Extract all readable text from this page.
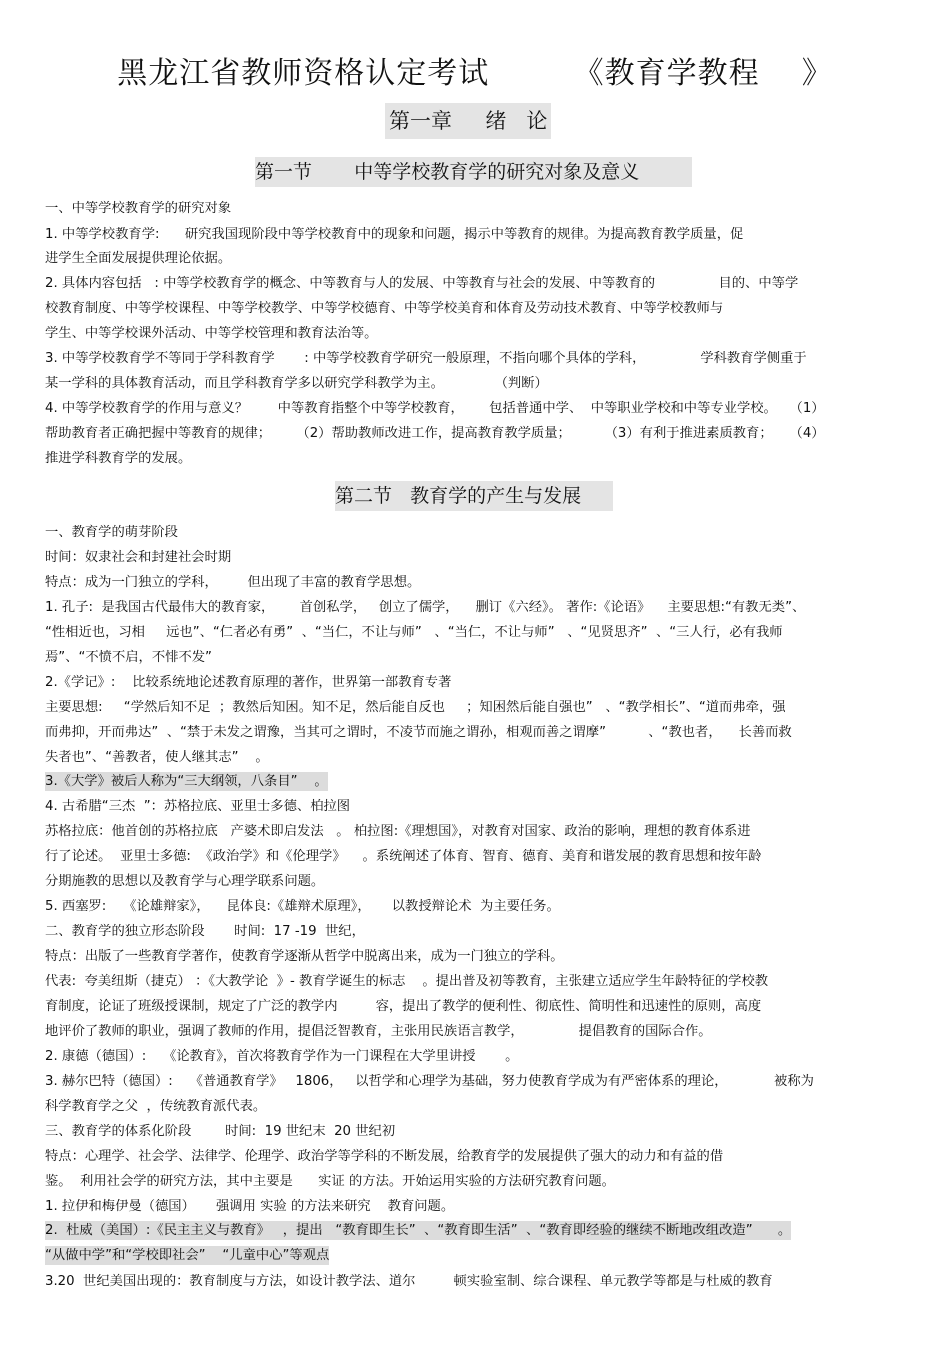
黑龙江省教师资格认定考试        《教育学教程    》
第一章     绪   论
第一节       中等学校教育学的研究对象及意义
一、中等学校教育学的研究对象
1. 中等学校教育学:      研究我国现阶段中等学校教育中的现象和问题，揭示中等教育的规律。为提高教育教学质量，促
进学生全面发展提供理论依据。
2. 具体内容包括   : 中等学校教育学的概念、中等教育与人的发展、中等教育与社会的发展、中等教育的               目的、中等学
校教育制度、中等学校课程、中等学校教学、中等学校德育、中等学校美育和体育及劳动技术教育、中等学校教师与
学生、中等学校课外活动、中等学校管理和教育法治等。
3. 中等学校教育学不等同于学科教育学       : 中等学校教育学研究一般原理，不指向哪个具体的学科，             学科教育学侧重于
某一学科的具体教育活动，而且学科教育学多以研究学科教学为主。            （判断）
4. 中等学校教育学的作用与意义？       中等教育指整个中等学校教育，      包括普通中学、  中等职业学校和中等专业学校。   （1）
帮助教育者正确把握中等教育的规律；      （2）帮助教师改进工作，提高教育教学质量；        （3）有利于推进素质教育；    （4）
推进学科教育学的发展。
第二节   教育学的产生与发展
一、教育学的萌芽阶段
时间：奴隶社会和封建社会时期
特点：成为一门独立的学科，       但出现了丰富的教育学思想。
1. 孔子:  是我国古代最伟大的教育家，      首创私学，   创立了儒学，    删订《六经》。 著作:《论语》    主要思想:“有教无类”、
“性相近也，习相     远也”、“仁者必有勇”  、“当仁，不让与师”   、“当仁，不让与师”   、“见贤思齐”  、“三人行，必有我师
焉”、“不愤不启，不悱不发”
2.《学记》:    比较系统地论述教育原理的著作，世界第一部教育专著
主要思想:     “学然后知不足  ；教然后知困。知不足，然后能自反也     ；知困然后能自强也”   、“教学相长”、“道而弗牵，强
而弗抑，开而弗达”  、“禁于未发之谓豫，当其可之谓时，不凌节而施之谓孙，相观而善之谓摩”          、“教也者，    长善而救
失者也”、“善教者，使人继其志”    。
3.《大学》被后人称为“三大纲领，八条目”    。
4. 古希腊“三杰  ”：苏格拉底、亚里士多德、柏拉图
苏格拉底：他首创的苏格拉底   产婆术即启发法   。 柏拉图:《理想国》，对教育对国家、政治的影响，理想的教育体系进
行了论述。  亚里士多德:  《政治学》和《伦理学》    。系统阐述了体育、智育、德育、美育和谐发展的教育思想和按年龄
分期施教的思想以及教育学与心理学联系问题。
5. 西塞罗:    《论雄辩家》，    昆体良:《雄辩术原理》，     以教授辩论术  为主要任务。
二、教育学的独立形态阶段       时间:  17 -19  世纪，
特点：出版了一些教育学著作，使教育学逐渐从哲学中脱离出来，成为一门独立的学科。
代表:  夸美纽斯（捷克） ：《大教学论  》- 教育学诞生的标志    。提出普及初等教育，主张建立适应学生年龄特征的学校教
育制度，论证了班级授课制，规定了广泛的教学内         容，提出了教学的便利性、彻底性、简明性和迅速性的原则，高度
地评价了教师的职业，强调了教师的作用，提倡泛智教育，主张用民族语言教学，             提倡教育的国际合作。
2. 康德（德国）:    《论教育》，首次将教育学作为一门课程在大学里讲授       。
3. 赫尔巴特（德国）:    《普通教育学》   1806，   以哲学和心理学为基础，努力使教育学成为有严密体系的理论，           被称为
科学教育学之父  ，传统教育派代表。
三、教育学的体系化阶段        时间:  19 世纪末  20 世纪初
特点：心理学、社会学、法律学、伦理学、政治学等学科的不断发展，给教育学的发展提供了强大的动力和有益的借
鉴。  利用社会学的研究方法，其中主要是      实证 的方法。开始运用实验的方法研究教育问题。
1. 拉伊和梅伊曼（德国）     强调用 实验 的方法来研究    教育问题。
2.  杜威（美国）:《民主主义与教育》   ，提出   “教育即生长”  、“教育即生活”  、“教育即经验的继续不断地改组改造”      。
“从做中学”和“学校即社会”    “儿童中心”等观点
3.20  世纪美国出现的：教育制度与方法，如设计教学法、道尔         顿实验室制、综合课程、单元教学等都是与杜威的教育
